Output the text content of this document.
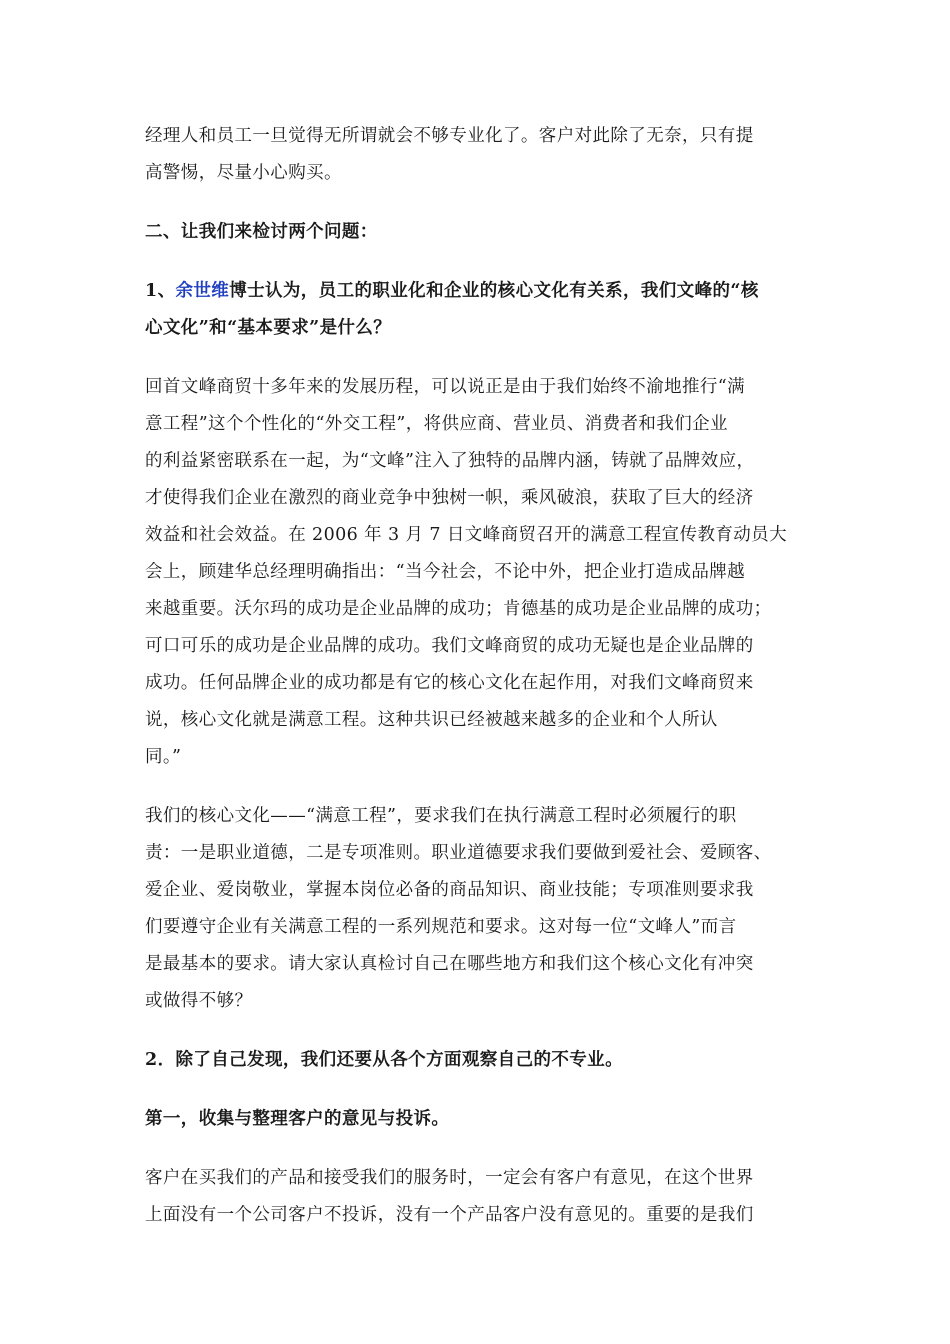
经理人和员工一旦觉得无所谓就会不够专业化了。客户对此除了无奈，只有提
高警惕，尽量小心购买。

二、让我们来检讨两个问题：

1、余世维博士认为，员工的职业化和企业的核心文化有关系，我们文峰的“核
心文化”和“基本要求”是什么？

回首文峰商贸十多年来的发展历程，可以说正是由于我们始终不渝地推行“满
意工程”这个个性化的“外交工程”，将供应商、营业员、消费者和我们企业
的利益紧密联系在一起，为“文峰”注入了独特的品牌内涵，铸就了品牌效应，
才使得我们企业在激烈的商业竞争中独树一帜，乘风破浪，获取了巨大的经济
效益和社会效益。在 2006 年 3 月 7 日文峰商贸召开的满意工程宣传教育动员大
会上，顾建华总经理明确指出：“当今社会，不论中外，把企业打造成品牌越
来越重要。沃尔玛的成功是企业品牌的成功；肯德基的成功是企业品牌的成功；
可口可乐的成功是企业品牌的成功。我们文峰商贸的成功无疑也是企业品牌的
成功。任何品牌企业的成功都是有它的核心文化在起作用，对我们文峰商贸来
说，核心文化就是满意工程。这种共识已经被越来越多的企业和个人所认
同。”

我们的核心文化——“满意工程”，要求我们在执行满意工程时必须履行的职
责：一是职业道德，二是专项准则。职业道德要求我们要做到爱社会、爱顾客、
爱企业、爱岗敬业，掌握本岗位必备的商品知识、商业技能；专项准则要求我
们要遵守企业有关满意工程的一系列规范和要求。这对每一位“文峰人”而言
是最基本的要求。请大家认真检讨自己在哪些地方和我们这个核心文化有冲突
或做得不够？

2．除了自己发现，我们还要从各个方面观察自己的不专业。

第一，收集与整理客户的意见与投诉。

客户在买我们的产品和接受我们的服务时，一定会有客户有意见，在这个世界
上面没有一个公司客户不投诉，没有一个产品客户没有意见的。重要的是我们
